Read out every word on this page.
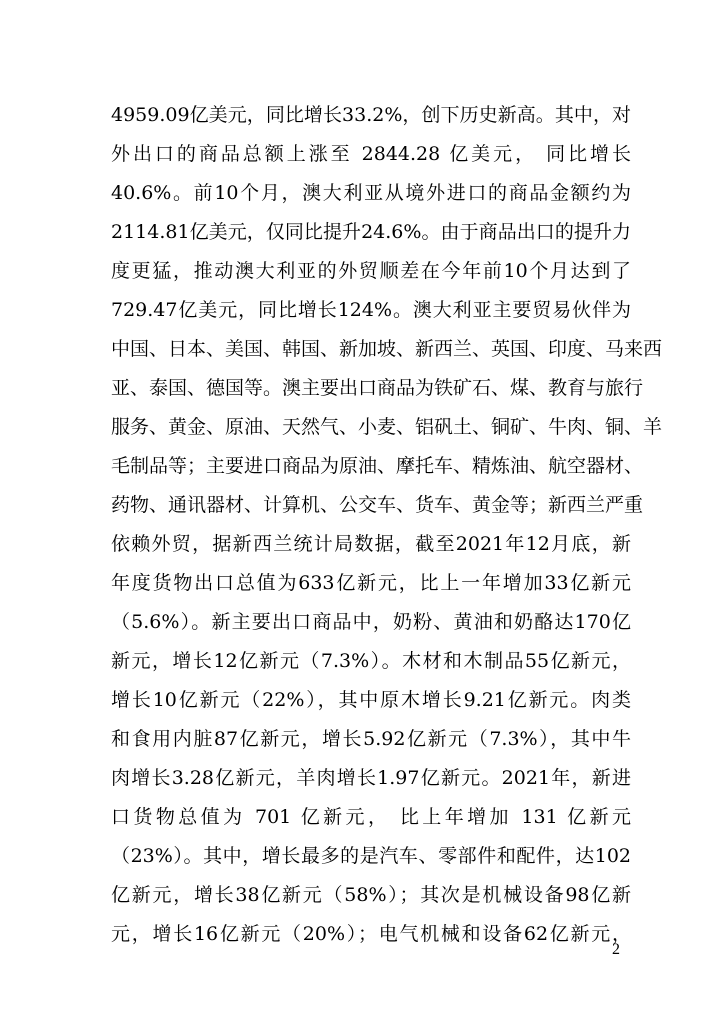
4959.09亿美元，同比增长33.2%，创下历史新高。其中，对
外出口的商品总额上涨至 2844.28 亿美元， 同比增长
40.6%。前10个月，澳大利亚从境外进口的商品金额约为
2114.81亿美元，仅同比提升24.6%。由于商品出口的提升力
度更猛，推动澳大利亚的外贸顺差在今年前10个月达到了
729.47亿美元，同比增长124%。澳大利亚主要贸易伙伴为
中国、日本、美国、韩国、新加坡、新西兰、英国、印度、马来西
亚、泰国、德国等。澳主要出口商品为铁矿石、煤、教育与旅行
服务、黄金、原油、天然气、小麦、铝矾土、铜矿、牛肉、铜、羊
毛制品等；主要进口商品为原油、摩托车、精炼油、航空器材、
药物、通讯器材、计算机、公交车、货车、黄金等；新西兰严重
依赖外贸，据新西兰统计局数据，截至2021年12月底，新
年度货物出口总值为633亿新元，比上一年增加33亿新元
（5.6%）。新主要出口商品中，奶粉、黄油和奶酪达170亿
新元，增长12亿新元（7.3%）。木材和木制品55亿新元，
增长10亿新元（22%），其中原木增长9.21亿新元。肉类
和食用内脏87亿新元，增长5.92亿新元（7.3%），其中牛
肉增长3.28亿新元，羊肉增长1.97亿新元。2021年，新进
口货物总值为 701 亿新元， 比上年增加 131 亿新元
（23%）。其中，增长最多的是汽车、零部件和配件，达102
亿新元，增长38亿新元（58%）；其次是机械设备98亿新
元，增长16亿新元（20%）；电气机械和设备62亿新元，
2
